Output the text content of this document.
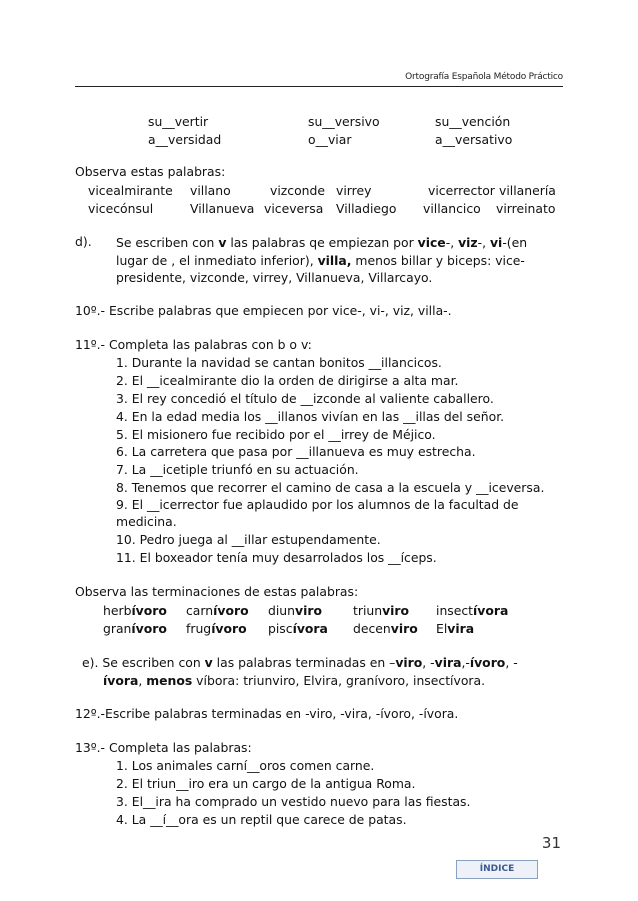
Ortografía Española Método Práctico
su__vertir	su__versivo	su__vención
a__versidad	o__viar	a__versativo
Observa estas palabras:
vicealmirante villano	vizconde virrey	vicerrector villanería
vicecónsul	Villanueva viceversa Villadiego villancico virreinato
d). Se escriben con v las palabras qe empiezan por vice-, viz-, vi-(en
lugar de , el inmediato inferior), villa, menos billar y biceps: vice-
presidente, vizconde, virrey, Villanueva, Villarcayo.
10º.- Escribe palabras que empiecen por vice-, vi-, viz, villa-.
11º.- Completa las palabras con b o v:
1. Durante la navidad se cantan bonitos __illancicos.
2. El __icealmirante dio la orden de dirigirse a alta mar.
3. El rey concedió el título de __izconde al valiente caballero.
4. En la edad media los __illanos vivían en las __illas del señor.
5. El misionero fue recibido por el __irrey de Méjico.
6. La carretera que pasa por __illanueva es muy estrecha.
7. La __icetiple triunfó en su actuación.
8. Tenemos que recorrer el camino de casa a la escuela y __iceversa.
9. El __icerrector fue aplaudido por los alumnos de la facultad de
medicina.
10. Pedro juega al __illar estupendamente.
11. El boxeador tenía muy desarrolados los __íceps.
Observa las terminaciones de estas palabras:
herbívoro carnívoro diunviro	triunviro insectívora
granívoro frugívoro piscívora decenviro Elvira
e). Se escriben con v las palabras terminadas en –viro, -vira,-ívoro, -
ívora, menos víbora: triunviro, Elvira, granívoro, insectívora.
12º.-Escribe palabras terminadas en -viro, -vira, -ívoro, -ívora.
13º.- Completa las palabras:
1. Los animales carní__oros comen carne.
2. El triun__iro era un cargo de la antigua Roma.
3. El__ira ha comprado un vestido nuevo para las fiestas.
4. La __í__ora es un reptil que carece de patas.
31
ÍNDICE
